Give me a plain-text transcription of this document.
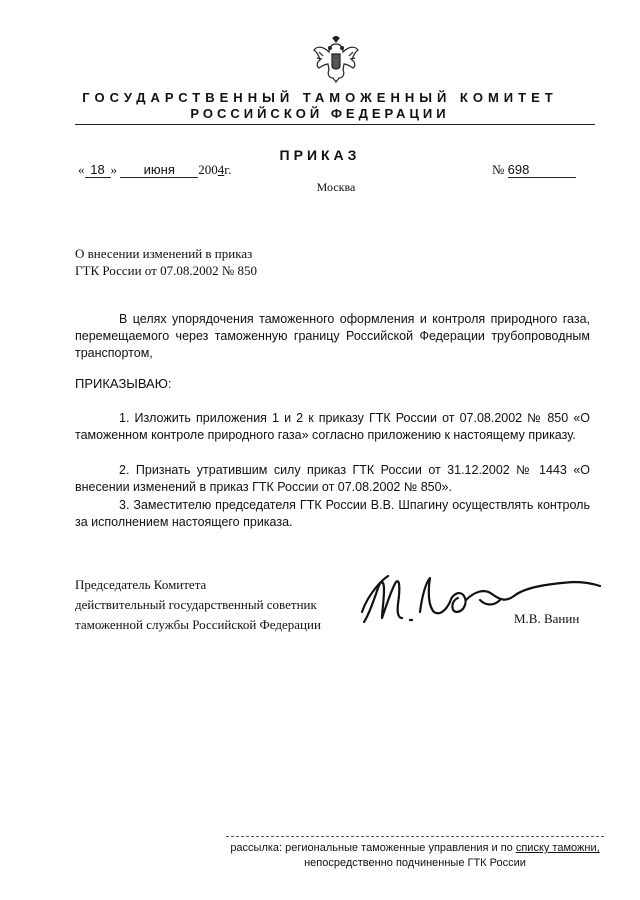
ГОСУДАРСТВЕННЫЙ ТАМОЖЕННЫЙ КОМИТЕТ
РОССИЙСКОЙ ФЕДЕРАЦИИ
ПРИКАЗ
« 18 » июня 2004г.	№ 698
Москва
О внесении изменений в приказ
ГТК России от 07.08.2002 № 850

В целях упорядочения таможенного оформления и контроля природного газа, перемещаемого через таможенную границу Российской Федерации трубопроводным транспортом,

ПРИКАЗЫВАЮ:

1. Изложить приложения 1 и 2 к приказу ГТК России от 07.08.2002 № 850 «О таможенном контроле природного газа» согласно приложению к настоящему приказу.

2. Признать утратившим силу приказ ГТК России от 31.12.2002 № 1443 «О внесении изменений в приказ ГТК России от 07.08.2002 № 850».

3. Заместителю председателя ГТК России В.В. Шпагину осуществлять контроль за исполнением настоящего приказа.

Председатель Комитета
действительный государственный советник
таможенной службы Российской Федерации	М.В. Ванин
рассылка: региональные таможенные управления и по списку таможни,
непосредственно подчиненные ГТК России
